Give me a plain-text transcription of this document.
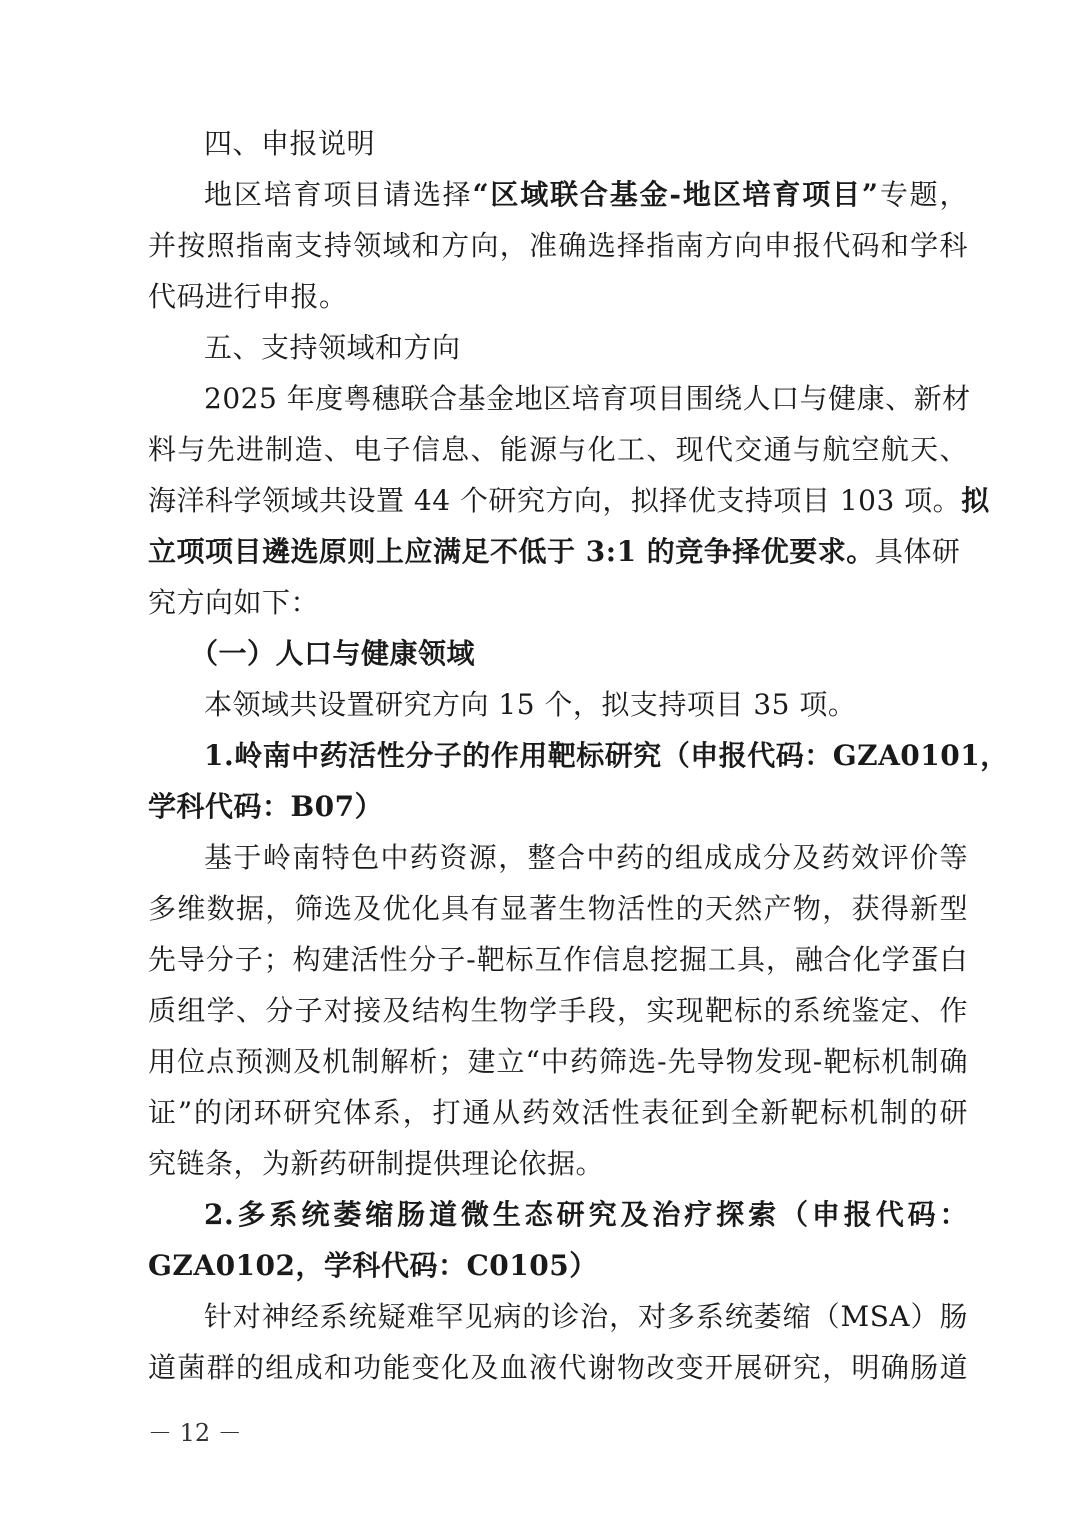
四、申报说明
地区培育项目请选择“区域联合基金-地区培育项目”专题，
并按照指南支持领域和方向，准确选择指南方向申报代码和学科
代码进行申报。
五、支持领域和方向
2025 年度粤穗联合基金地区培育项目围绕人口与健康、新材
料与先进制造、电子信息、能源与化工、现代交通与航空航天、
海洋科学领域共设置 44 个研究方向，拟择优支持项目 103 项。拟
立项项目遴选原则上应满足不低于 3:1 的竞争择优要求。具体研
究方向如下：
（一）人口与健康领域
本领域共设置研究方向 15 个，拟支持项目 35 项。
1.岭南中药活性分子的作用靶标研究（申报代码：GZA0101，
学科代码：B07）
基于岭南特色中药资源，整合中药的组成成分及药效评价等
多维数据，筛选及优化具有显著生物活性的天然产物，获得新型
先导分子；构建活性分子-靶标互作信息挖掘工具，融合化学蛋白
质组学、分子对接及结构生物学手段，实现靶标的系统鉴定、作
用位点预测及机制解析；建立“中药筛选-先导物发现-靶标机制确
证”的闭环研究体系，打通从药效活性表征到全新靶标机制的研
究链条，为新药研制提供理论依据。
2.多系统萎缩肠道微生态研究及治疗探索（申报代码：
GZA0102，学科代码：C0105）
针对神经系统疑难罕见病的诊治，对多系统萎缩（MSA）肠
道菌群的组成和功能变化及血液代谢物改变开展研究，明确肠道
－ 12 －
